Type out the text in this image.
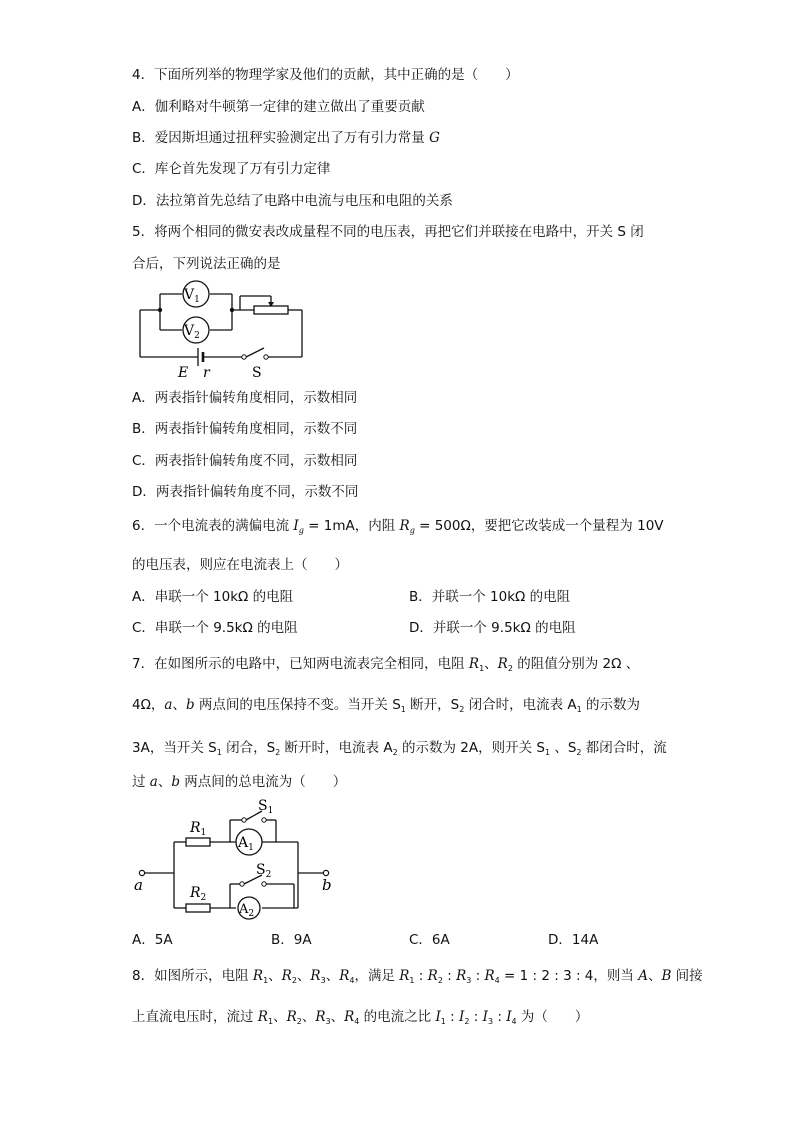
4．下面所列举的物理学家及他们的贡献，其中正确的是（　　）
A．伽利略对牛顿第一定律的建立做出了重要贡献
B．爱因斯坦通过扭秤实验测定出了万有引力常量 G
C．库仑首先发现了万有引力定律
D．法拉第首先总结了电路中电流与电压和电阻的关系
5．将两个相同的微安表改成量程不同的电压表，再把它们并联接在电路中，开关 S 闭
合后，下列说法正确的是
$V_1$
$V_2$
E r	S
A．两表指针偏转角度相同，示数相同
B．两表指针偏转角度相同，示数不同
C．两表指针偏转角度不同，示数相同
D．两表指针偏转角度不同，示数不同
6．一个电流表的满偏电流 $I_g = 1mA$，内阻 $R_g = 500\Omega$，要把它改装成一个量程为 10V
的电压表，则应在电流表上（　　）
A．串联一个 10kΩ 的电阻	B．并联一个 10kΩ 的电阻
C．串联一个 9.5kΩ 的电阻	D．并联一个 9.5kΩ 的电阻
7．在如图所示的电路中，已知两电流表完全相同，电阻 $R_1$、$R_2$ 的阻值分别为 2Ω 、
4Ω，a、b 两点间的电压保持不变。当开关 $S_1$ 断开，$S_2$ 闭合时，电流表 $A_1$ 的示数为
3A，当开关 $S_1$ 闭合，$S_2$ 断开时，电流表 $A_2$ 的示数为 2A，则开关 $S_1$ 、$S_2$ 都闭合时，流
过 a、b 两点间的总电流为（　　）
$A_1$
$A_2$
$R_1$
$R_2$
$S_1$
$S_2$
a	b
A．5A	B．9A	C．6A	D．14A
8．如图所示，电阻 $R_1$、$R_2$、$R_3$、$R_4$，满足 $R_1$ : $R_2$ : $R_3$ : $R_4 = 1$ : 2 : 3 : 4，则当 A、B 间接
上直流电压时，流过 $R_1$、$R_2$、$R_3$、$R_4$ 的电流之比 $I_1$ : $I_2$ : $I_3$ : $I_4$ 为（　　）
